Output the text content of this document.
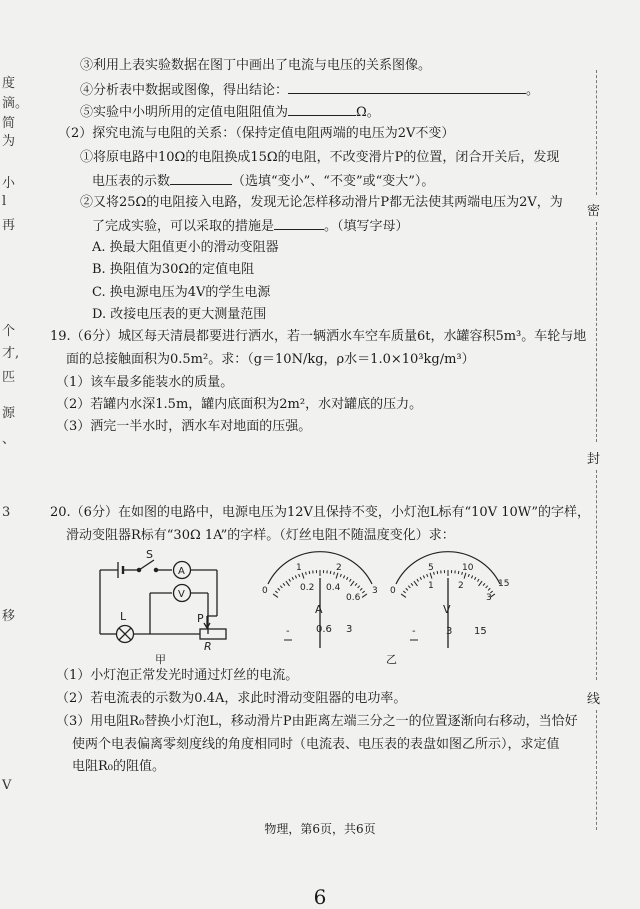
度
滴。
简
为
小
l
再
个
才,
匹
源
、
3
移
V
密
封
线
③利用上表实验数据在图丁中画出了电流与电压的关系图像。
④分析表中数据或图像，得出结论：	。
⑤实验中小明所用的定值电阻阻值为	Ω。
（2）探究电流与电阻的关系：（保持定值电阻两端的电压为2V不变）
①将原电路中10Ω的电阻换成15Ω的电阻，不改变滑片P的位置，闭合开关后，发现
电压表的示数	（选填“变小”、“不变”或“变大”）。
②又将25Ω的电阻接入电路，发现无论怎样移动滑片P都无法使其两端电压为2V，为
了完成实验，可以采取的措施是	。（填写字母）
A. 换最大阻值更小的滑动变阻器
B. 换阻值为30Ω的定值电阻
C. 换电源电压为4V的学生电源
D. 改接电压表的更大测量范围
19.（6分）城区每天清晨都要进行洒水，若一辆洒水车空车质量6t，水罐容积5m³。车轮与地
面的总接触面积为0.5m²。求：（g＝10N/kg，ρ水＝1.0×10³kg/m³）
（1）该车最多能装水的质量。
（2）若罐内水深1.5m，罐内底面积为2m²，水对罐底的压力。
（3）洒完一半水时，洒水车对地面的压强。
20.（6分）在如图的电路中，电源电压为12V且保持不变，小灯泡L标有“10V 10W”的字样，
滑动变阻器R标有“30Ω 1A”的字样。（灯丝电阻不随温度变化）求：
S
A
V
L	P
R
甲
0
1	2
3
0.2 0.4
0.6
A
-	0.6 3
0
5	10
15
1	2
3
V
-	3 15
乙
（1）小灯泡正常发光时通过灯丝的电流。
（2）若电流表的示数为0.4A，求此时滑动变阻器的电功率。
（3）用电阻R₀替换小灯泡L，移动滑片P由距离左端三分之一的位置逐渐向右移动，当恰好
使两个电表偏离零刻度线的角度相同时（电流表、电压表的表盘如图乙所示），求定值
电阻R₀的阻值。
物理，第6页，共6页
6
